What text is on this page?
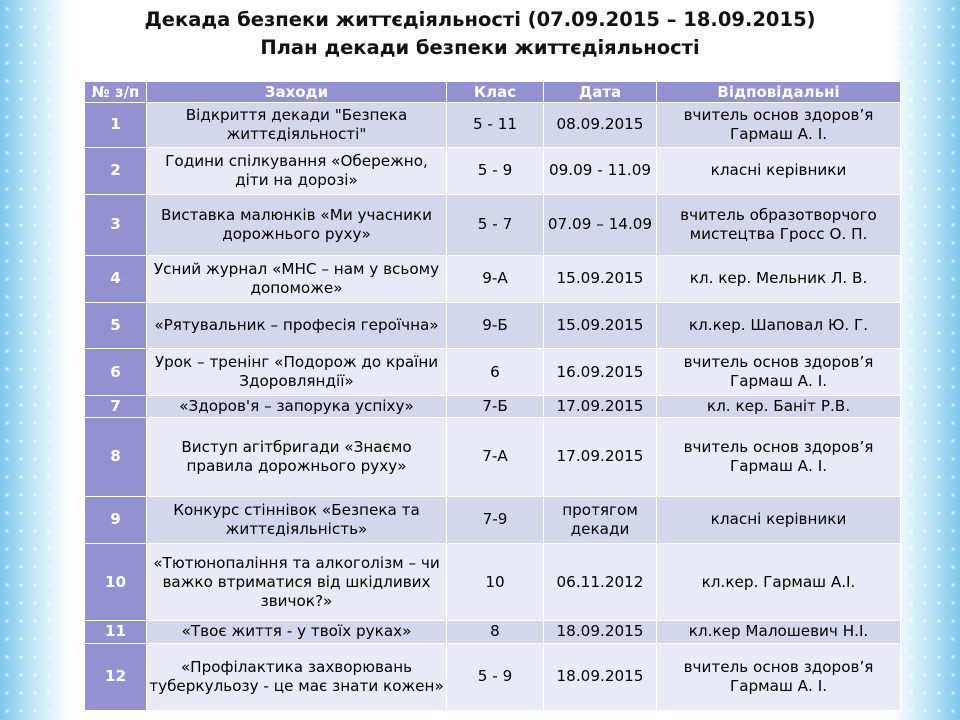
Декада безпеки життєдіяльності (07.09.2015 – 18.09.2015)
План декади безпеки життєдіяльності
№ з/п	Заходи	Клас	Дата	Відповідальні
1	Відкриття декади "Безпека життєдіяльності"	5 - 11	08.09.2015	вчитель основ здоров’я Гармаш А. І.
2	Години спілкування «Обережно, діти на дорозі»	5 - 9	09.09 - 11.09	класні керівники
3	Виставка малюнків «Ми учасники дорожнього руху»	5 - 7	07.09 – 14.09	вчитель образотворчого мистецтва Гросс О. П.
4	Усний журнал «МНС – нам у всьому допоможе»	9-А	15.09.2015	кл. кер. Мельник Л. В.
5	«Рятувальник – професія героїчна»	9-Б	15.09.2015	кл.кер. Шаповал Ю. Г.
6	Урок – тренінг «Подорож до країни Здоровляндії»	6	16.09.2015	вчитель основ здоров’я Гармаш А. І.
7	«Здоров'я – запорука успіху»	7-Б	17.09.2015	кл. кер. Баніт Р.В.
8	Виступ агітбригади «Знаємо правила дорожнього руху»	7-А	17.09.2015	вчитель основ здоров’я Гармаш А. І.
9	Конкурс стіннівок «Безпека та життєдіяльність»	7-9	протягом декади	класні керівники
10	«Тютюнопаління та алкоголізм – чи важко втриматися від шкідливих звичок?»	10	06.11.2012	кл.кер. Гармаш А.І.
11	«Твоє життя - у твоїх руках»	8	18.09.2015	кл.кер Малошевич Н.І.
12	«Профілактика захворювань туберкульозу - це має знати кожен»	5 - 9	18.09.2015	вчитель основ здоров’я Гармаш А. І.
